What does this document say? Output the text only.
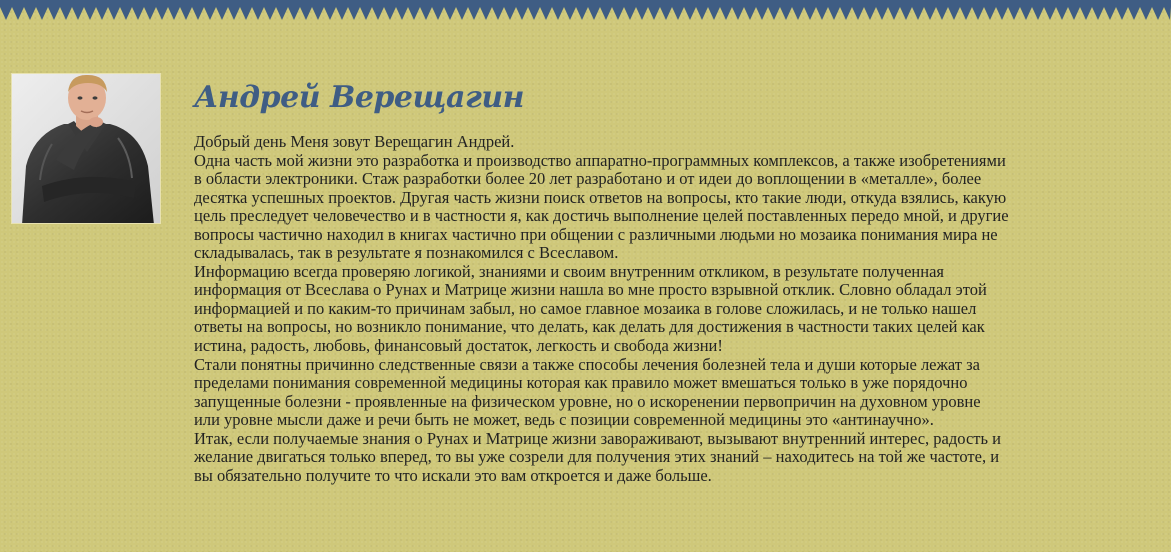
Андрей Верещагин
Добрый день Меня зовут Верещагин Андрей.
Одна часть мой жизни это разработка и производство аппаратно-программных комплексов, а также изобретениями
в области электроники. Стаж разработки более 20 лет разработано и от идеи до воплощении в «металле», более
десятка успешных проектов. Другая часть жизни поиск ответов на вопросы, кто такие люди, откуда взялись, какую
цель преследует человечество и в частности я, как достичь выполнение целей поставленных передо мной, и другие
вопросы частично находил в книгах частично при общении с различными людьми но мозаика понимания мира не
складывалась, так в результате я познакомился с Всеславом.
Информацию всегда проверяю логикой, знаниями и своим внутренним откликом, в результате полученная
информация от Всеслава о Рунах и Матрице жизни нашла во мне просто взрывной отклик. Словно обладал этой
информацией и по каким-то причинам забыл, но самое главное мозаика в голове сложилась, и не только нашел
ответы на вопросы, но возникло понимание, что делать, как делать для достижения в частности таких целей как
истина, радость, любовь, финансовый достаток, легкость и свобода жизни!
Стали понятны причинно следственные связи а также способы лечения болезней тела и души которые лежат за
пределами понимания современной медицины которая как правило может вмешаться только в уже порядочно
запущенные болезни - проявленные на физическом уровне, но о искоренении первопричин на духовном уровне
или уровне мысли даже и речи быть не может, ведь с позиции современной медицины это «антинаучно».
Итак, если получаемые знания о Рунах и Матрице жизни завораживают, вызывают внутренний интерес, радость и
желание двигаться только вперед, то вы уже созрели для получения этих знаний – находитесь на той же частоте, и
вы обязательно получите то что искали это вам откроется и даже больше.
